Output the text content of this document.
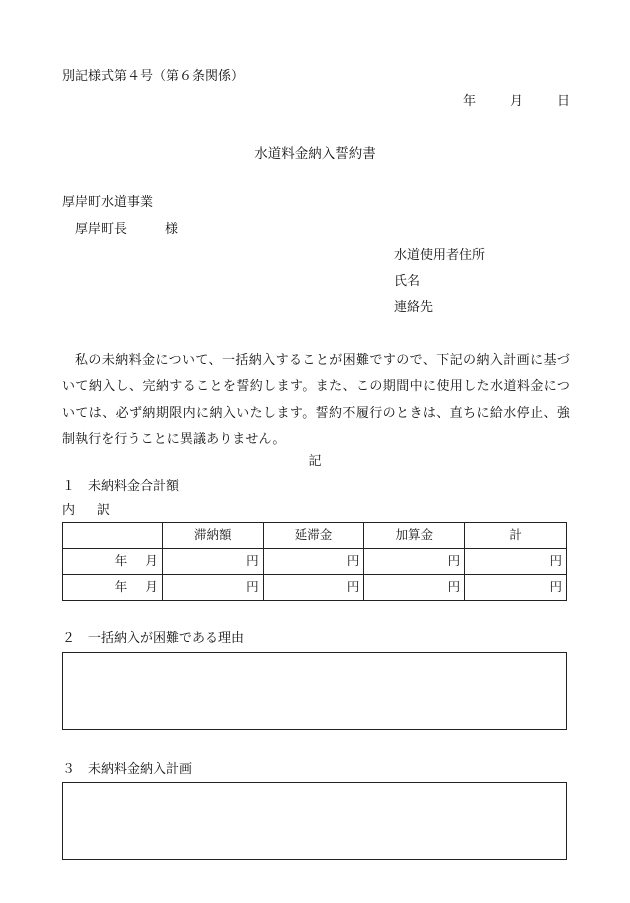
別記様式第４号（第６条関係）
年	月	日
水道料金納入誓約書
厚岸町水道事業
厚岸町長	様
水道使用者住所
氏名
連絡先
私の未納料金について、一括納入することが困難ですので、下記の納入計画に基づいて納入し、完納することを誓約します。また、この期間中に使用した水道料金については、必ず納期限内に納入いたします。誓約不履行のときは、直ちに給水停止、強制執行を行うことに異議ありません。
記
１　未納料金合計額
内 訳
	滞納額	延滞金	加算金	計
年 月	円	円	円	円
年 月	円	円	円	円
２　一括納入が困難である理由
３　未納料金納入計画
